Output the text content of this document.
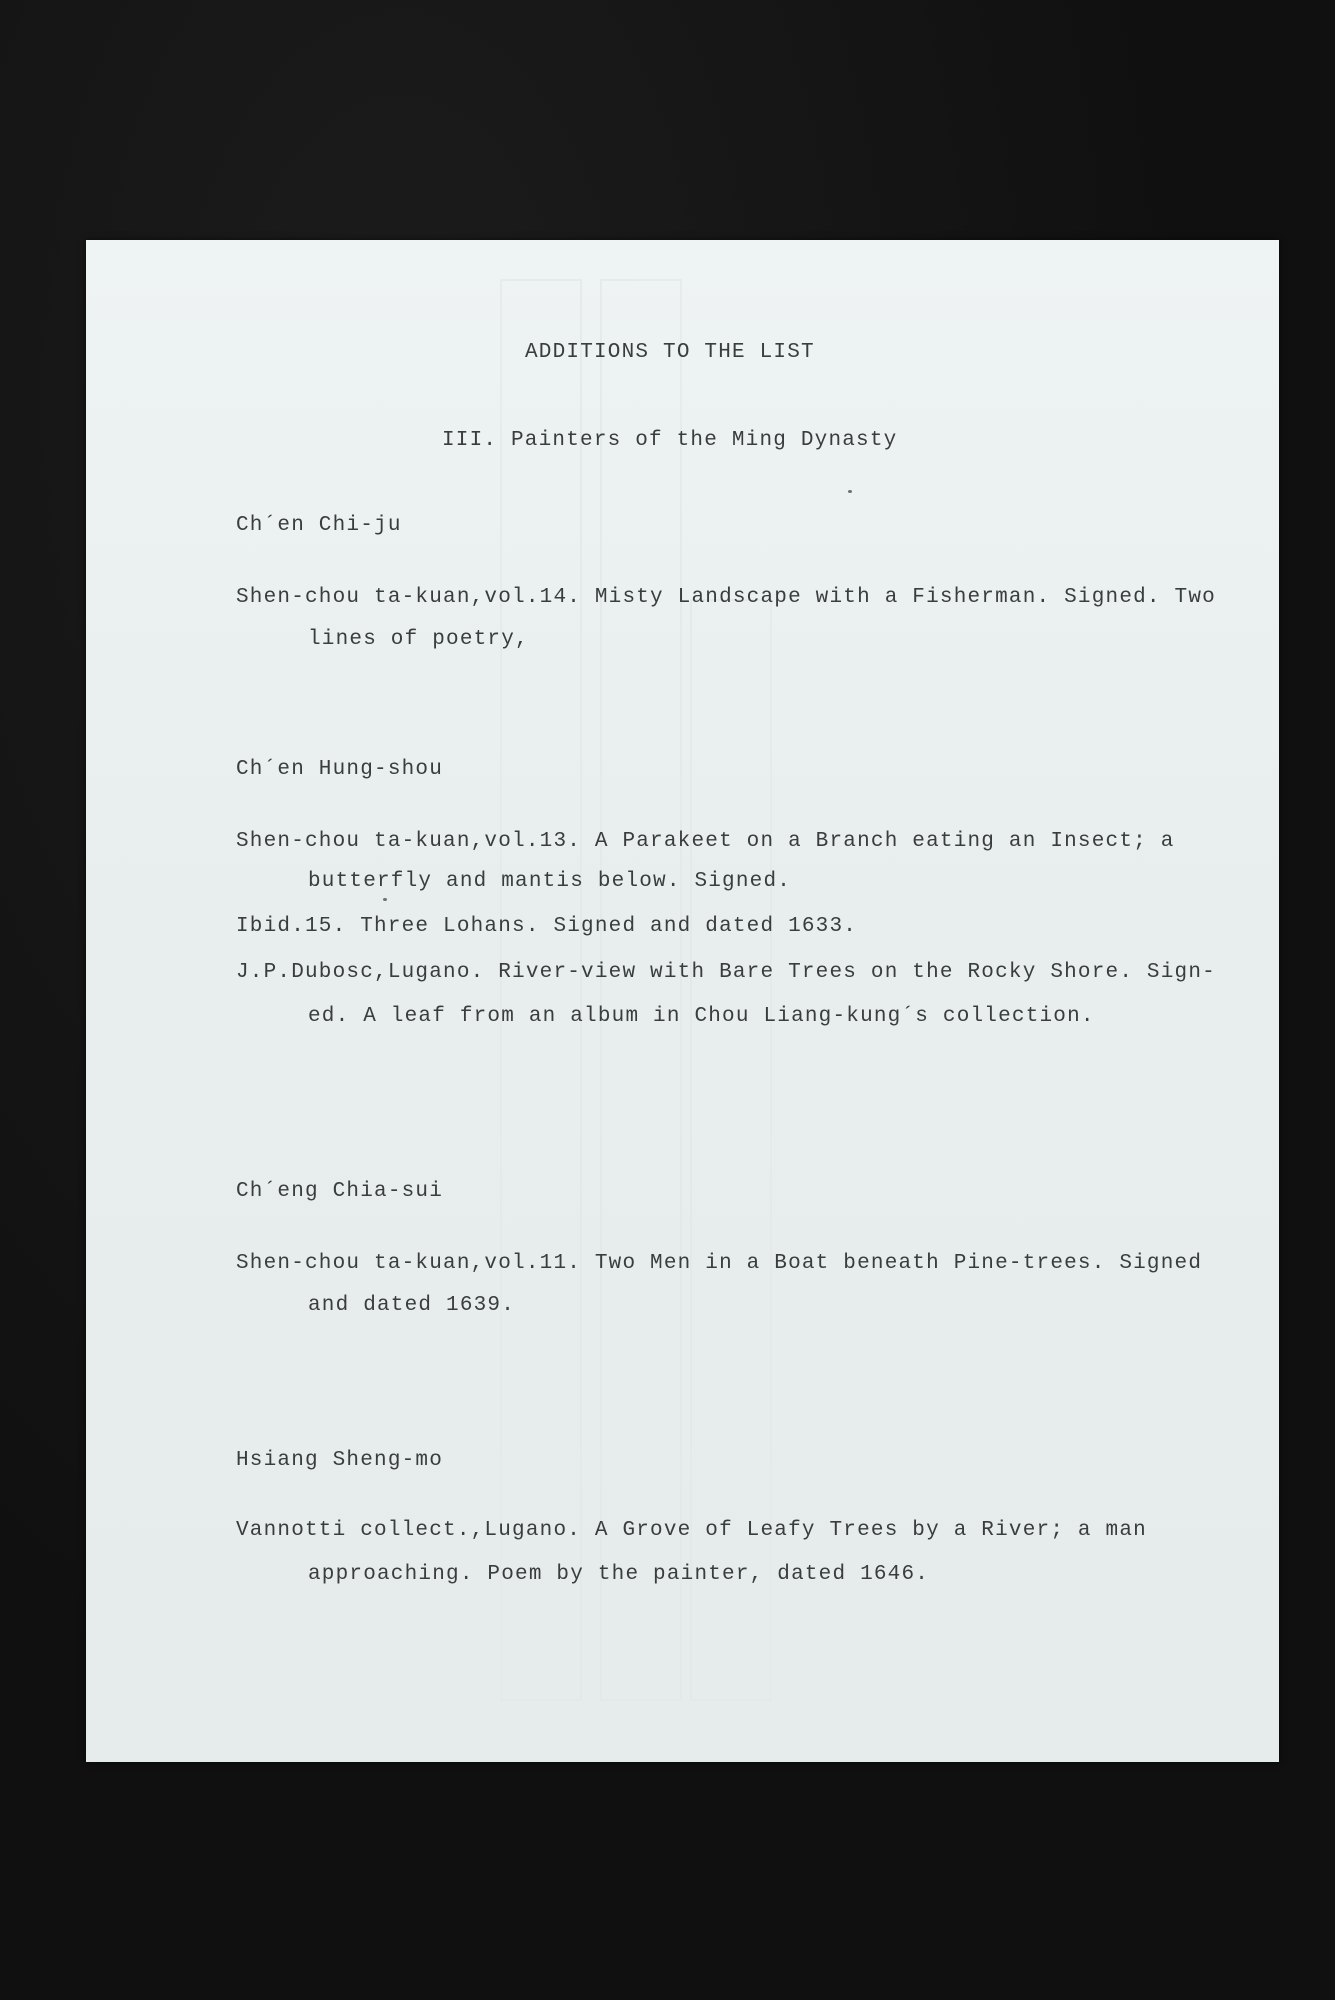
ADDITIONS TO THE LIST
III. Painters of the Ming Dynasty
Ch´en Chi-ju
Shen-chou ta-kuan,vol.14. Misty Landscape with a Fisherman. Signed. Two
lines of poetry,
Ch´en Hung-shou
Shen-chou ta-kuan,vol.13. A Parakeet on a Branch eating an Insect; a
butterfly and mantis below. Signed.
Ibid.15. Three Lohans. Signed and dated 1633.
J.P.Dubosc,Lugano. River-view with Bare Trees on the Rocky Shore. Sign-
ed. A leaf from an album in Chou Liang-kung´s collection.
Ch´eng Chia-sui
Shen-chou ta-kuan,vol.11. Two Men in a Boat beneath Pine-trees. Signed
and dated 1639.
Hsiang Sheng-mo
Vannotti collect.,Lugano. A Grove of Leafy Trees by a River; a man
approaching. Poem by the painter, dated 1646.
